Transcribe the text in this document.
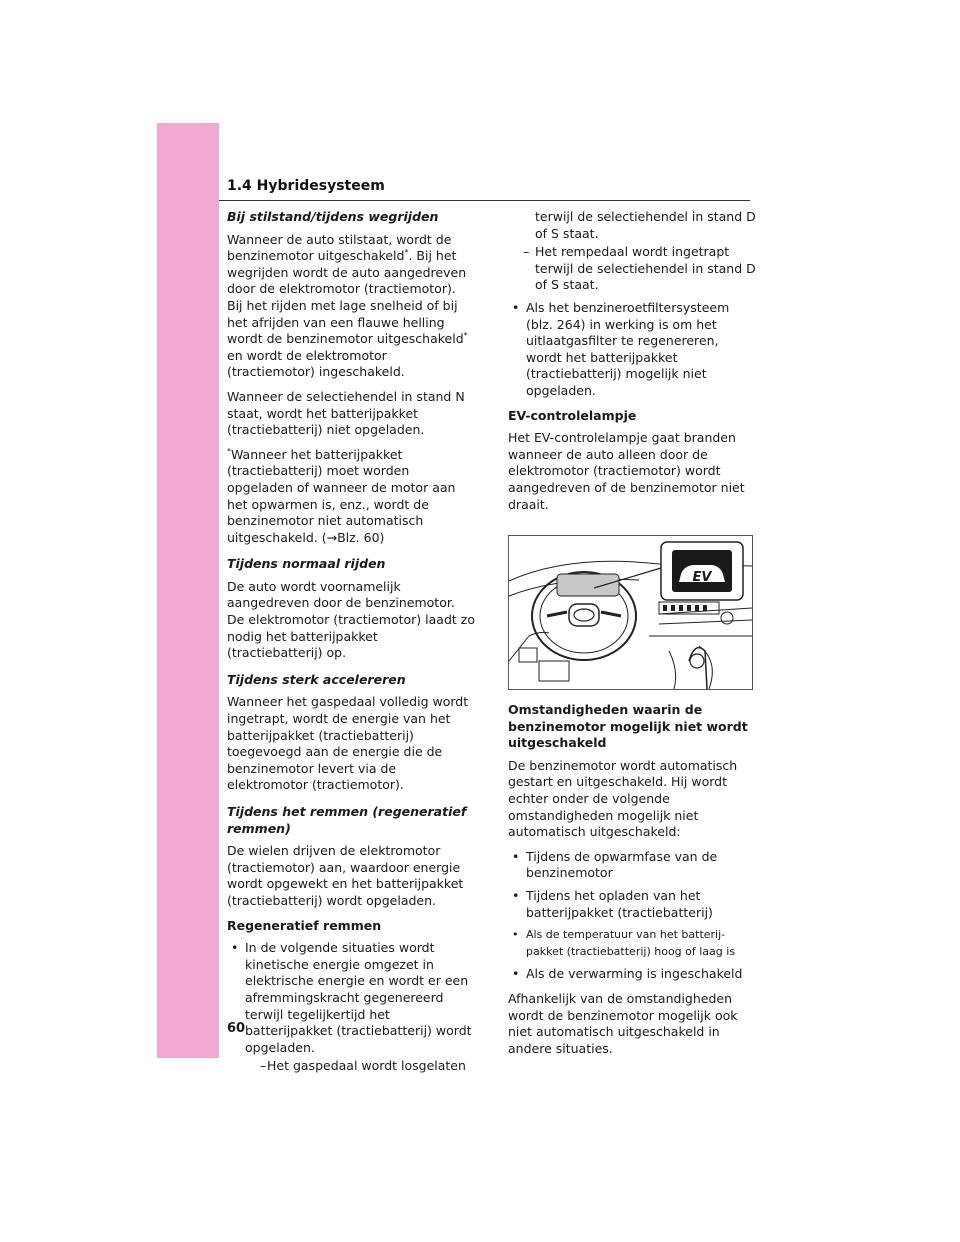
1.4 Hybridesysteem

Bij stilstand/tijdens wegrijden

Wanneer de auto stilstaat, wordt de benzinemotor uitgeschakeld*. Bij het wegrijden wordt de auto aangedreven door de elektromotor (tractiemotor). Bij het rijden met lage snelheid of bij het afrijden van een flauwe helling wordt de benzinemotor uitgeschakeld* en wordt de elektromotor (tractiemotor) ingeschakeld.

Wanneer de selectiehendel in stand N staat, wordt het batterijpakket (tractiebatterij) niet opgeladen.

*Wanneer het batterijpakket (tractiebatterij) moet worden opgeladen of wanneer de motor aan het opwarmen is, enz., wordt de benzinemotor niet automatisch uitgeschakeld. (→Blz. 60)

Tijdens normaal rijden

De auto wordt voornamelijk aangedreven door de benzinemotor. De elektromotor (tractiemotor) laadt zo nodig het batterijpakket (tractiebatterij) op.

Tijdens sterk accelereren

Wanneer het gaspedaal volledig wordt ingetrapt, wordt de energie van het batterijpakket (tractiebatterij) toegevoegd aan de energie die de benzinemotor levert via de elektromotor (tractiemotor).

Tijdens het remmen (regeneratief remmen)

De wielen drijven de elektromotor (tractiemotor) aan, waardoor energie wordt opgewekt en het batterijpakket (tractiebatterij) wordt opgeladen.

Regeneratief remmen

• In de volgende situaties wordt kinetische energie omgezet in elektrische energie en wordt er een afremmingskracht gegenereerd terwijl tegelijkertijd het batterijpakket (tractiebatterij) wordt opgeladen.
– Het gaspedaal wordt losgelaten

terwijl de selectiehendel in stand D of S staat.

– Het rempedaal wordt ingetrapt terwijl de selectiehendel in stand D of S staat.
• Als het benzineroetfiltersysteem (blz. 264) in werking is om het uitlaatgasfilter te regenereren, wordt het batterijpakket (tractiebatterij) mogelijk niet opgeladen.

EV-controlelampje

Het EV-controlelampje gaat branden wanneer de auto alleen door de elektromotor (tractiemotor) wordt aangedreven of de benzinemotor niet draait.

EV

Omstandigheden waarin de benzinemotor mogelijk niet wordt uitgeschakeld

De benzinemotor wordt automatisch gestart en uitgeschakeld. Hij wordt echter onder de volgende omstandigheden mogelijk niet automatisch uitgeschakeld:

• Tijdens de opwarmfase van de benzinemotor
• Tijdens het opladen van het batterijpakket (tractiebatterij)
• Als de temperatuur van het batterij- pakket (tractiebatterij) hoog of laag is
• Als de verwarming is ingeschakeld

Afhankelijk van de omstandigheden wordt de benzinemotor mogelijk ook niet automatisch uitgeschakeld in andere situaties.

60
